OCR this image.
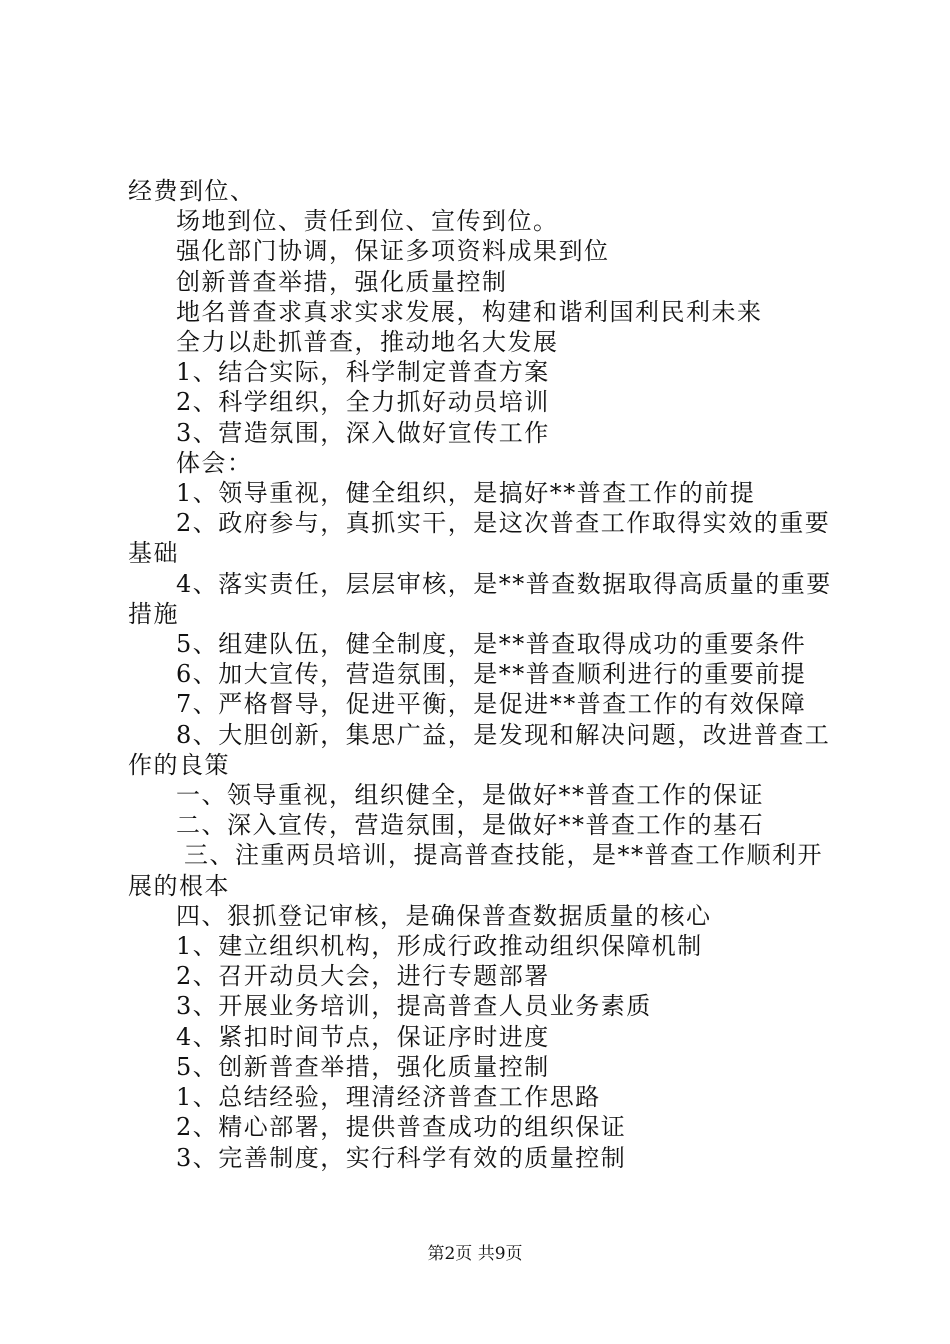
经费到位、

场地到位、责任到位、宣传到位。

强化部门协调，保证多项资料成果到位

创新普查举措，强化质量控制

地名普查求真求实求发展，构建和谐利国利民利未来

全力以赴抓普查，推动地名大发展

1、结合实际，科学制定普查方案

2、科学组织，全力抓好动员培训

3、营造氛围，深入做好宣传工作

体会：

1、领导重视，健全组织，是搞好**普查工作的前提

2、政府参与，真抓实干，是这次普查工作取得实效的重要基础

4、落实责任，层层审核，是**普查数据取得高质量的重要措施

5、组建队伍，健全制度，是**普查取得成功的重要条件

6、加大宣传，营造氛围，是**普查顺利进行的重要前提

7、严格督导，促进平衡，是促进**普查工作的有效保障

8、大胆创新，集思广益，是发现和解决问题，改进普查工作的良策

一、领导重视，组织健全，是做好**普查工作的保证

二、深入宣传，营造氛围，是做好**普查工作的基石

三、注重两员培训，提高普查技能，是**普查工作顺利开展的根本

四、狠抓登记审核，是确保普查数据质量的核心

1、建立组织机构，形成行政推动组织保障机制

2、召开动员大会，进行专题部署

3、开展业务培训，提高普查人员业务素质

4、紧扣时间节点，保证序时进度

5、创新普查举措，强化质量控制

1、总结经验，理清经济普查工作思路

2、精心部署，提供普查成功的组织保证

3、完善制度，实行科学有效的质量控制

第2页 共9页
